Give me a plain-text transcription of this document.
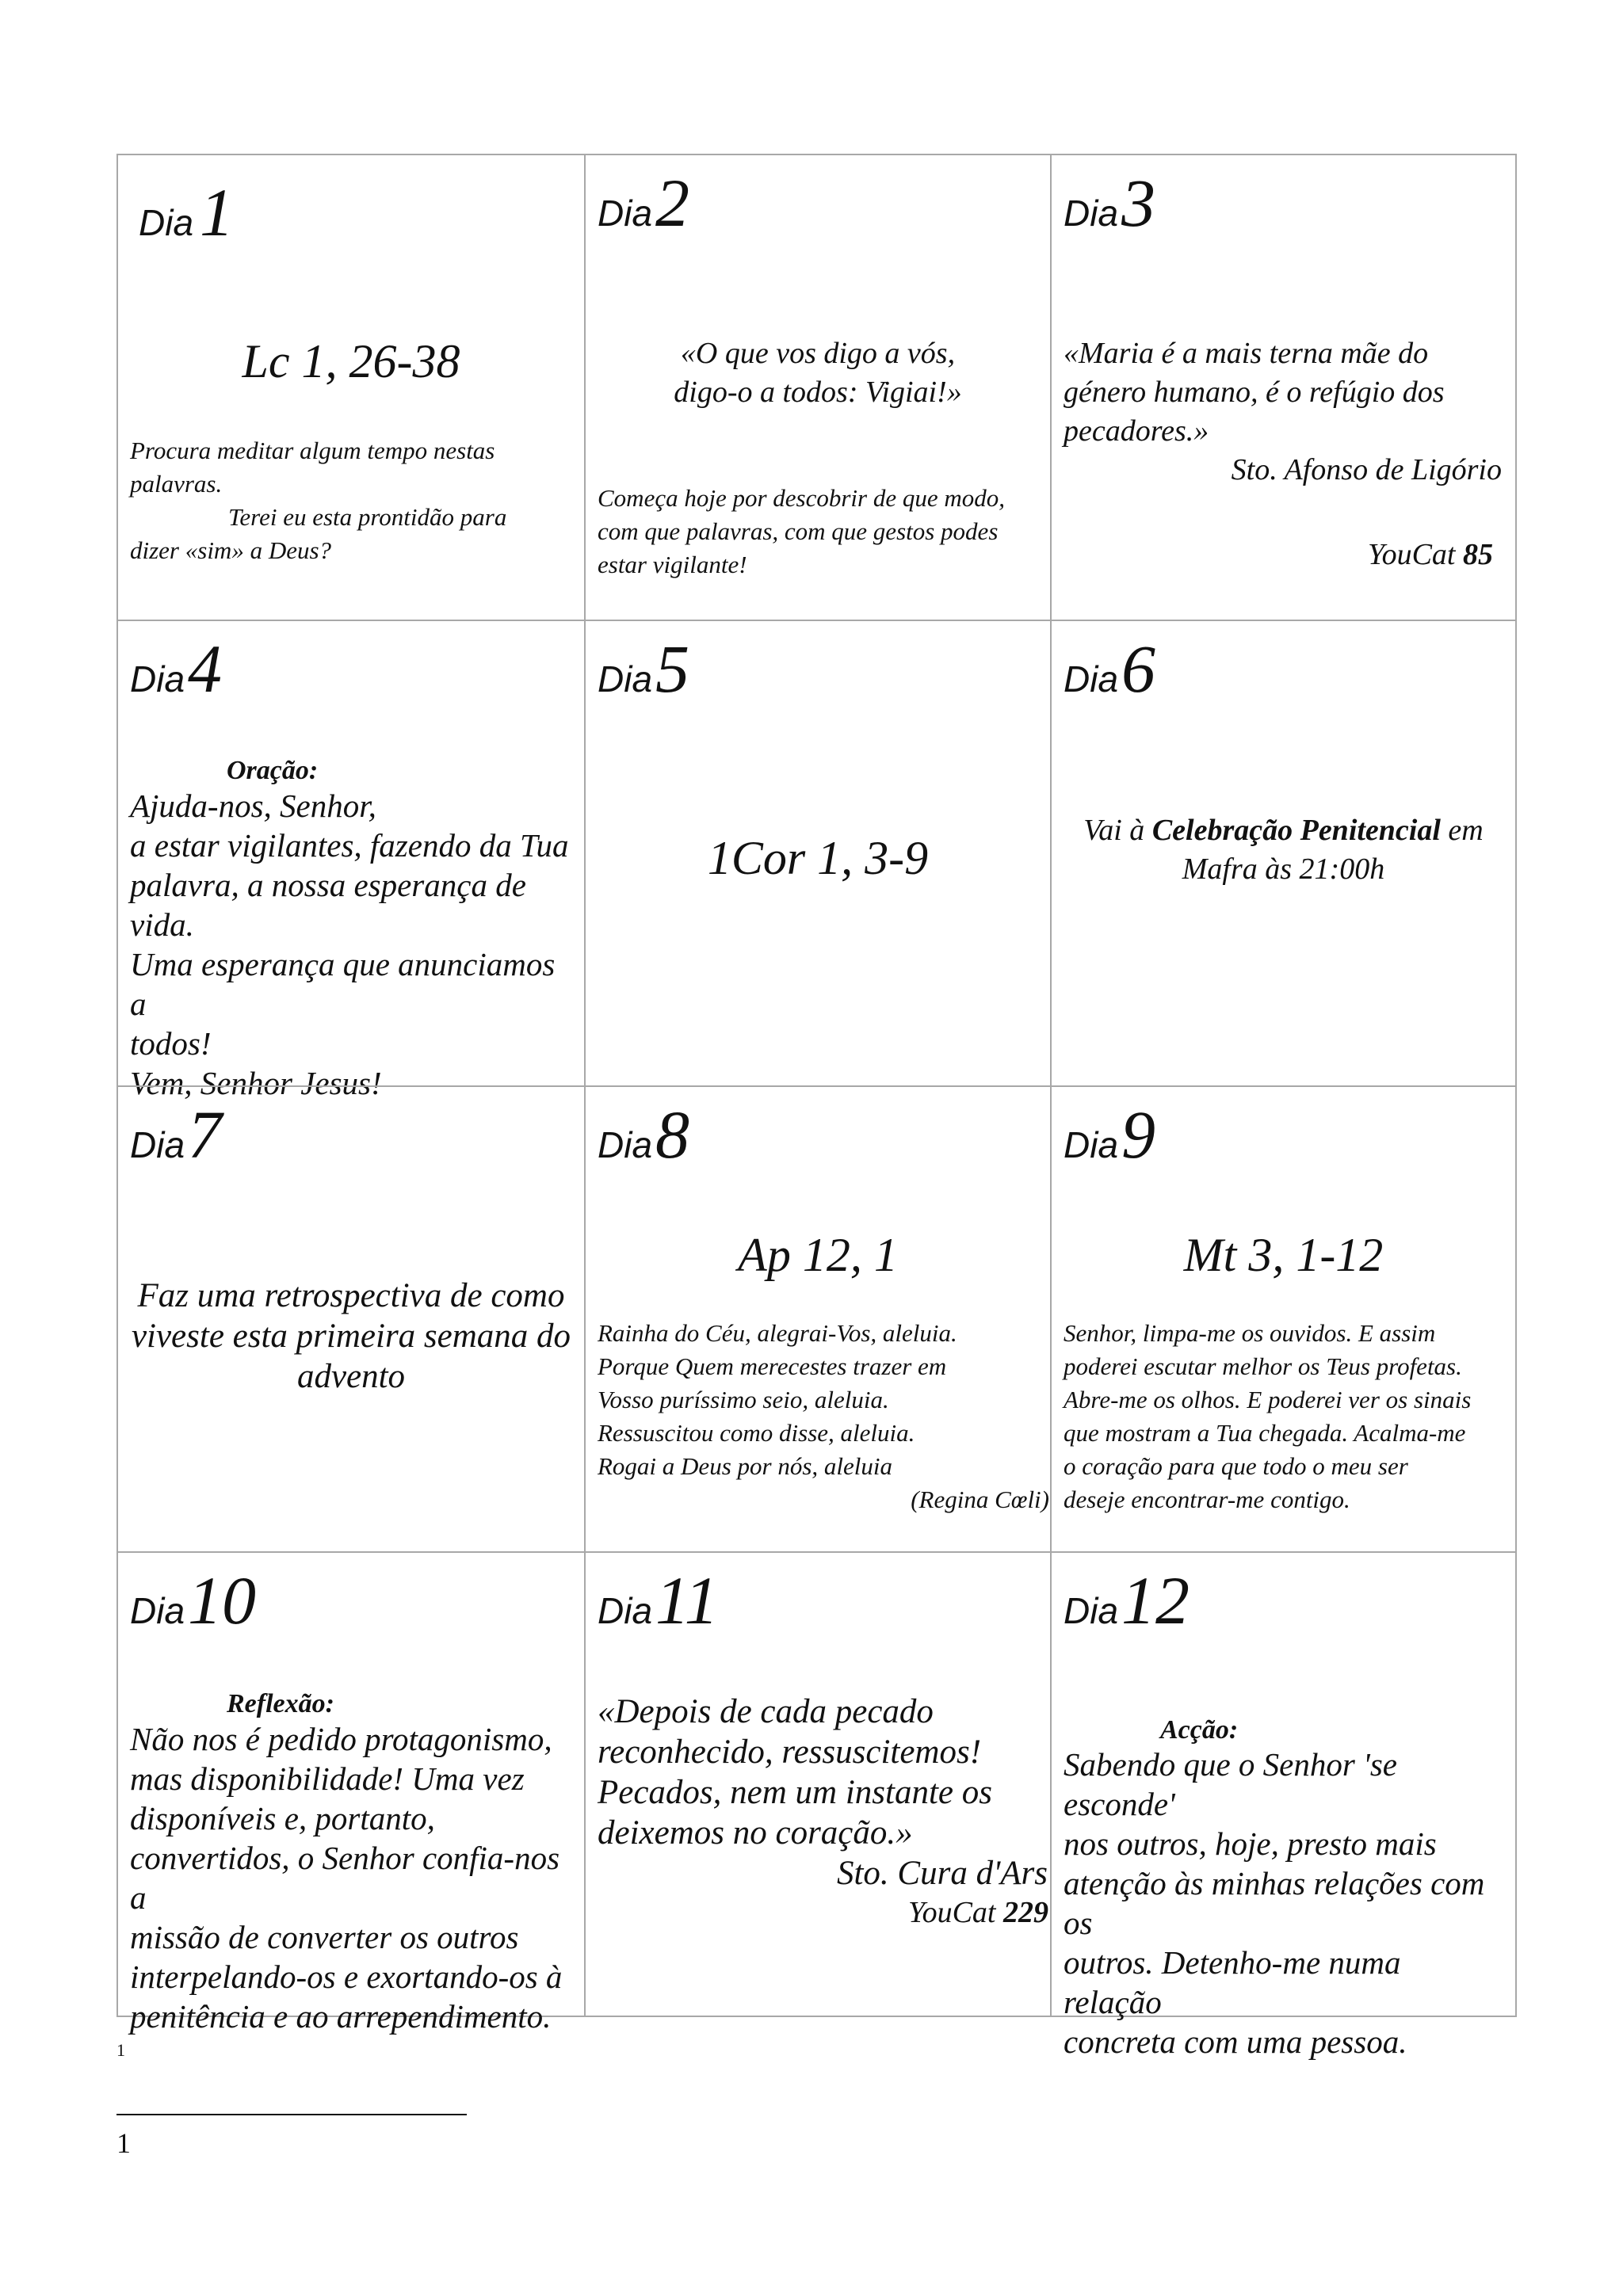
Dia  1
Lc 1, 26-38
Procura meditar algum tempo nestas
palavras.
Terei eu esta prontidão para
dizer «sim» a Deus?
Dia 2
«O que vos digo a vós,
digo-o a todos: Vigiai!»
Começa hoje por descobrir de que modo,
com que palavras, com que gestos podes
estar vigilante!
Dia 3
«Maria é a mais terna mãe do
género humano, é o refúgio dos
pecadores.»
Sto. Afonso de Ligório
YouCat 85
Dia 4
Oração:
Ajuda-nos, Senhor,
a estar vigilantes, fazendo da Tua
palavra, a nossa esperança de
vida.
Uma esperança que anunciamos a
todos!
Vem, Senhor Jesus!
Dia 5
1Cor 1, 3-9
Dia 6
Vai à Celebração Penitencial em
Mafra às 21:00h
Dia 7
Faz uma retrospectiva de como
viveste esta primeira semana do
advento
Dia 8
Ap 12, 1
Rainha do Céu, alegrai-Vos, aleluia.
Porque Quem merecestes trazer em
Vosso puríssimo seio, aleluia.
Ressuscitou como disse, aleluia.
Rogai a Deus por nós, aleluia
(Regina Cœli)
Dia 9
Mt 3, 1-12
Senhor, limpa-me os ouvidos. E assim
poderei escutar melhor os Teus profetas.
Abre-me os olhos. E poderei ver os sinais
que mostram a Tua chegada. Acalma-me
o coração para que todo o meu ser
deseje encontrar-me contigo.
Dia 10
Reflexão:
Não nos é pedido protagonismo,
mas disponibilidade! Uma vez
disponíveis e, portanto,
convertidos, o Senhor confia-nos a
missão de converter os outros
interpelando-os e exortando-os à
penitência e ao arrependimento.
Dia 11
«Depois de cada pecado
reconhecido, ressuscitemos!
Pecados, nem um instante os
deixemos no coração.»
Sto. Cura d'Ars
YouCat 229
Dia 12
Acção:
Sabendo que o Senhor 'se esconde'
nos outros, hoje, presto mais
atenção às minhas relações com os
outros. Detenho-me numa relação
concreta com uma pessoa.
1
1
